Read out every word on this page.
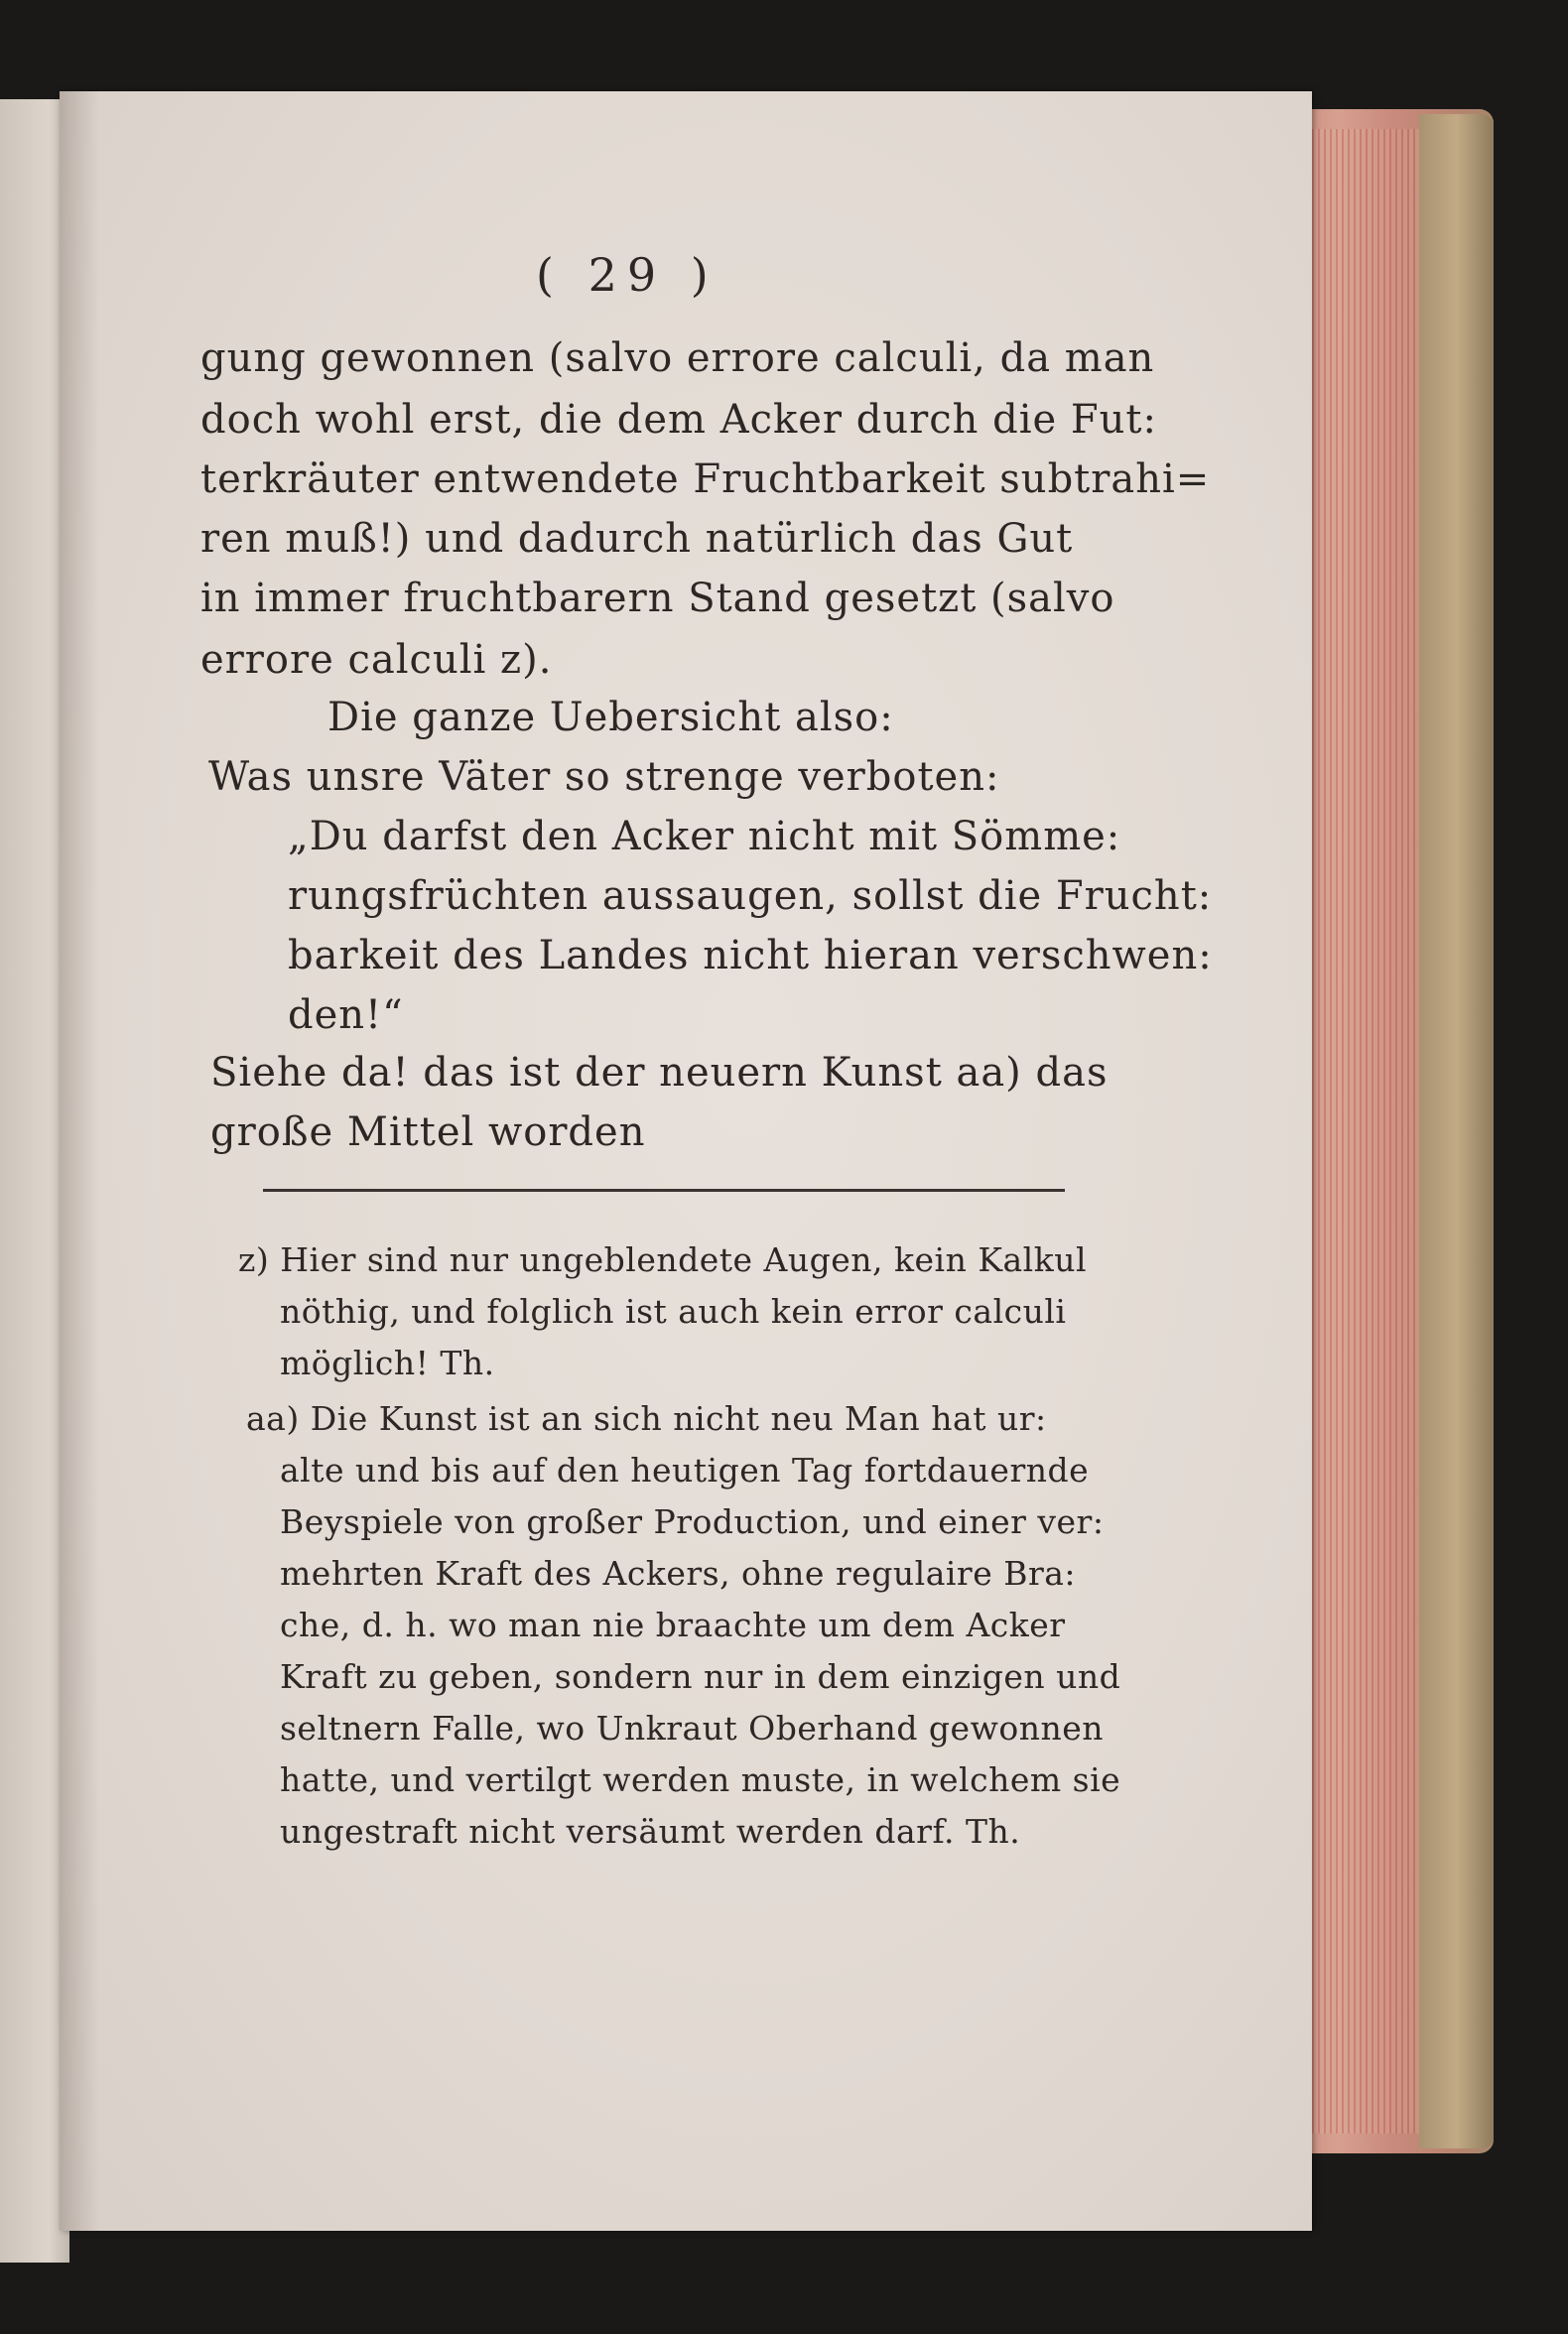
( 29 )
gung gewonnen (salvo errore calculi, da man
doch wohl erst, die dem Acker durch die Fut:
terkräuter entwendete Fruchtbarkeit subtrahi=
ren muß!) und dadurch natürlich das Gut
in immer fruchtbarern Stand gesetzt (salvo
errore calculi z).
Die ganze Uebersicht also:
Was unsre Väter so strenge verboten:
„Du darfst den Acker nicht mit Sömme:
rungsfrüchten aussaugen, sollst die Frucht:
barkeit des Landes nicht hieran verschwen:
den!“
Siehe da! das ist der neuern Kunst aa) das
große Mittel worden
z) Hier sind nur ungeblendete Augen, kein Kalkul
nöthig, und folglich ist auch kein error calculi
möglich! Th.
aa) Die Kunst ist an sich nicht neu Man hat ur:
alte und bis auf den heutigen Tag fortdauernde
Beyspiele von großer Production, und einer ver:
mehrten Kraft des Ackers, ohne regulaire Bra:
che, d. h. wo man nie braachte um dem Acker
Kraft zu geben, sondern nur in dem einzigen und
seltnern Falle, wo Unkraut Oberhand gewonnen
hatte, und vertilgt werden muste, in welchem sie
ungestraft nicht versäumt werden darf. Th.
